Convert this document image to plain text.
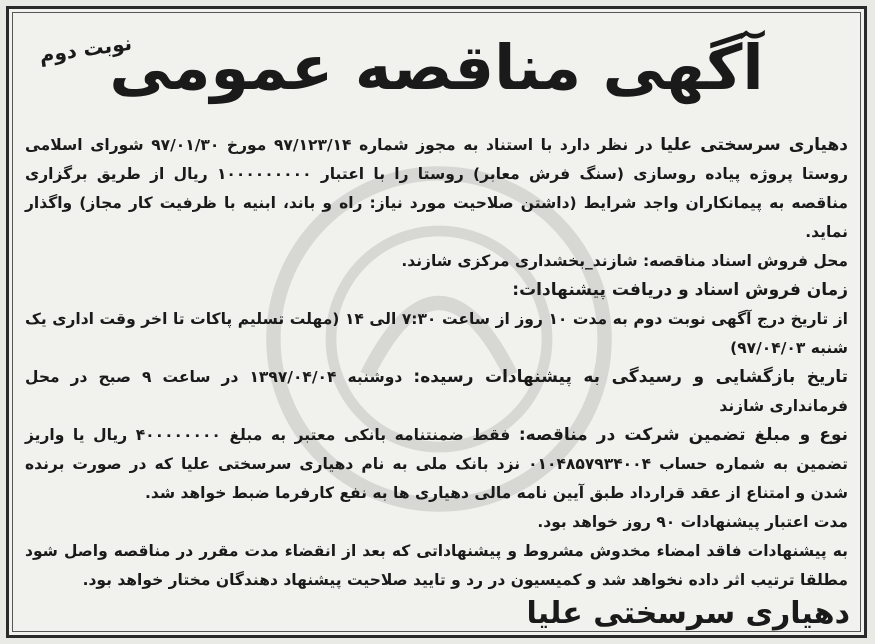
نوبت دوم
آگهی مناقصه عمومی

دهیاری سرسختی علیا در نظر دارد با استناد به مجوز شماره ۹۷/۱۲۳/۱۴ مورخ ۹۷/۰۱/۳۰ شورای اسلامی روستا پروژه پیاده روسازی (سنگ فرش معابر) روستا را با اعتبار ۱۰۰۰۰۰۰۰۰۰ ریال از طریق برگزاری مناقصه به پیمانکاران واجد شرایط (داشتن صلاحیت مورد نیاز: راه و باند، ابنیه با ظرفیت کار مجاز) واگذار نماید.

محل فروش اسناد مناقصه: شازند_بخشداری مرکزی شازند.

زمان فروش اسناد و دریافت پیشنهادات:

از تاریخ درج آگهی نوبت دوم به مدت ۱۰ روز از ساعت ۷:۳۰ الی ۱۴ (مهلت تسلیم پاکات تا اخر وقت اداری یک شنبه ۹۷/۰۴/۰۳)

تاریخ بازگشایی و رسیدگی به پیشنهادات رسیده: دوشنبه ۱۳۹۷/۰۴/۰۴ در ساعت ۹ صبح در محل فرمانداری شازند

نوع و مبلغ تضمین شرکت در مناقصه: فقط ضمنتنامه بانکی معتبر به مبلغ ۴۰۰۰۰۰۰۰۰ ریال یا واریز تضمین به شماره حساب ۰۱۰۴۸۵۷۹۳۴۰۰۴ نزد بانک ملی به نام دهیاری سرسختی علیا که در صورت برنده شدن و امتناع از عقد قرارداد طبق آیین نامه مالی دهیاری ها به نفع کارفرما ضبط خواهد شد.

مدت اعتبار پیشنهادات ۹۰ روز خواهد بود.

به پیشنهادات فاقد امضاء مخدوش مشروط و پیشنهاداتی که بعد از انقضاء مدت مقرر در مناقصه واصل شود مطلقا ترتیب اثر داده نخواهد شد و کمیسیون در رد و تایید صلاحیت پیشنهاد دهندگان مختار خواهد بود.

دهیاری سرسختی علیا
